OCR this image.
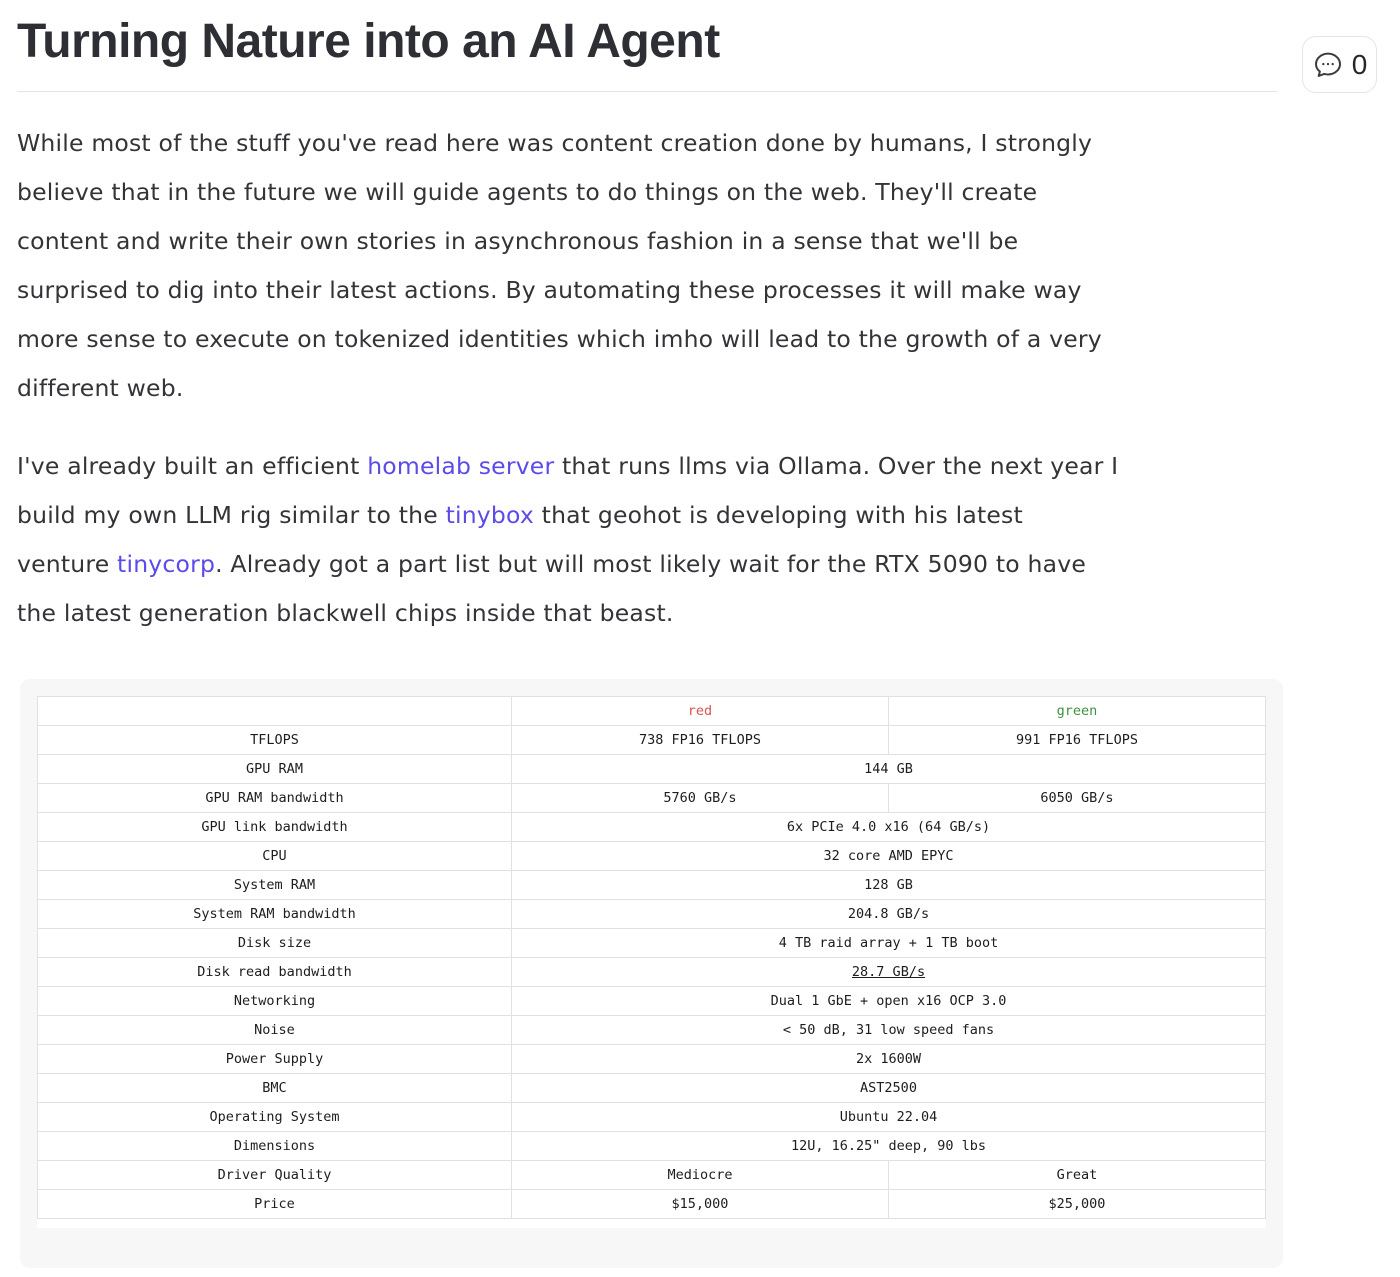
Turning Nature into an AI Agent	0
While most of the stuff you've read here was content creation done by humans, I strongly
believe that in the future we will guide agents to do things on the web. They'll create
content and write their own stories in asynchronous fashion in a sense that we'll be
surprised to dig into their latest actions. By automating these processes it will make way
more sense to execute on tokenized identities which imho will lead to the growth of a very
different web.
I've already built an efficient homelab server that runs llms via Ollama. Over the next year I
build my own LLM rig similar to the tinybox that geohot is developing with his latest
venture tinycorp. Already got a part list but will most likely wait for the RTX 5090 to have
the latest generation blackwell chips inside that beast.
	red	green
TFLOPS	738 FP16 TFLOPS	991 FP16 TFLOPS
GPU RAM	144 GB	
GPU RAM bandwidth	5760 GB/s	6050 GB/s
GPU link bandwidth	6x PCIe 4.0 x16 (64 GB/s)	
CPU	32 core AMD EPYC	
System RAM	128 GB	
System RAM bandwidth	204.8 GB/s	
Disk size	4 TB raid array + 1 TB boot	
Disk read bandwidth	28.7 GB/s	
Networking	Dual 1 GbE + open x16 OCP 3.0	
Noise	< 50 dB, 31 low speed fans	
Power Supply	2x 1600W	
BMC	AST2500	
Operating System	Ubuntu 22.04	
Dimensions	12U, 16.25" deep, 90 lbs	
Driver Quality	Mediocre	Great
Price	$15,000	$25,000
